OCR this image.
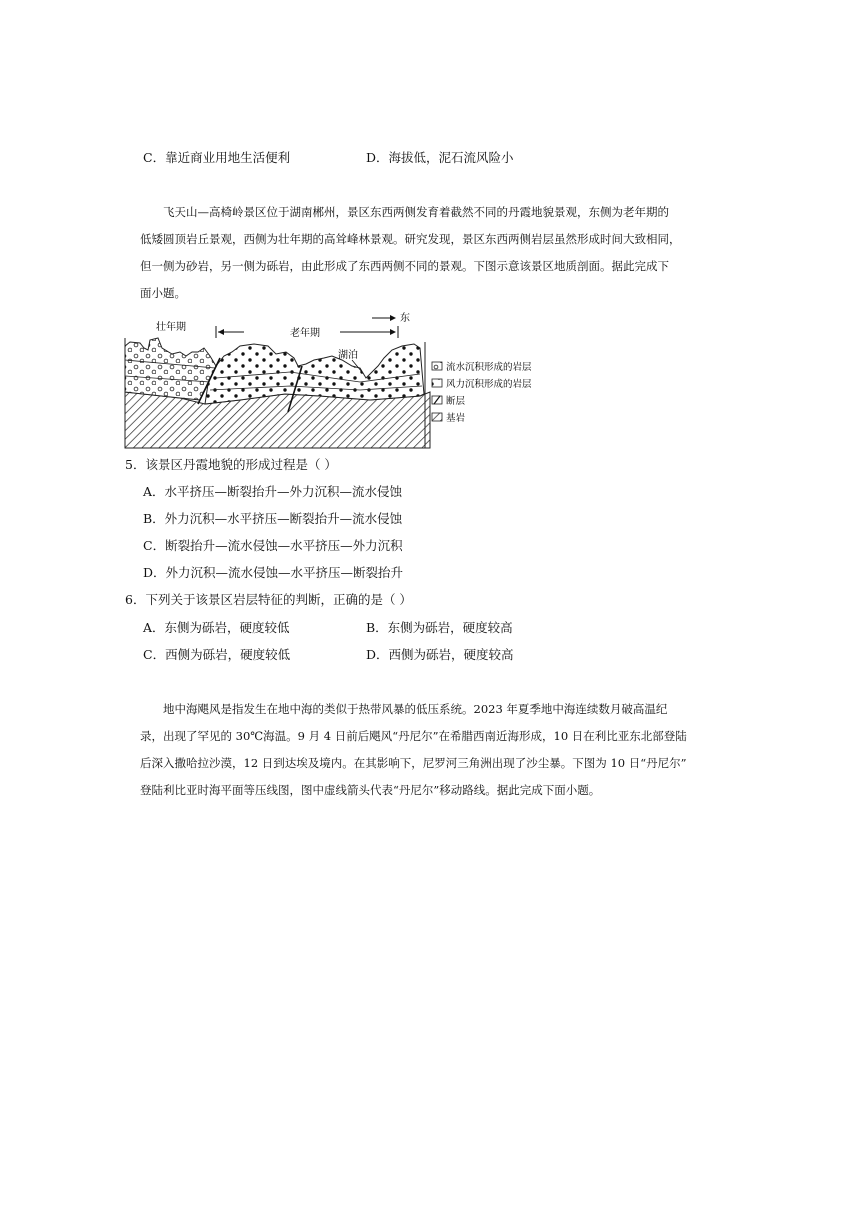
C．靠近商业用地生活便利	D．海拔低，泥石流风险小
飞天山—高椅岭景区位于湖南郴州，景区东西两侧发育着截然不同的丹霞地貌景观，东侧为老年期的
低矮圆顶岩丘景观，西侧为壮年期的高耸峰林景观。研究发现，景区东西两侧岩层虽然形成时间大致相同，
但一侧为砂岩，另一侧为砾岩，由此形成了东西两侧不同的景观。下图示意该景区地质剖面。据此完成下
面小题。
壮年期
老年期
东
湖泊
流水沉积形成的岩层
风力沉积形成的岩层
断层
基岩
5．该景区丹霞地貌的形成过程是（ ）
A．水平挤压—断裂抬升—外力沉积—流水侵蚀
B．外力沉积—水平挤压—断裂抬升—流水侵蚀
C．断裂抬升—流水侵蚀—水平挤压—外力沉积
D．外力沉积—流水侵蚀—水平挤压—断裂抬升
6．下列关于该景区岩层特征的判断，正确的是（ ）
A．东侧为砾岩，硬度较低	B．东侧为砾岩，硬度较高
C．西侧为砾岩，硬度较低	D．西侧为砾岩，硬度较高
地中海飓风是指发生在地中海的类似于热带风暴的低压系统。2023 年夏季地中海连续数月破高温纪
录，出现了罕见的 30℃海温。9 月 4 日前后飓风“丹尼尔”在希腊西南近海形成，10 日在利比亚东北部登陆
后深入撒哈拉沙漠，12 日到达埃及境内。在其影响下，尼罗河三角洲出现了沙尘暴。下图为 10 日“丹尼尔”
登陆利比亚时海平面等压线图，图中虚线箭头代表“丹尼尔”移动路线。据此完成下面小题。
